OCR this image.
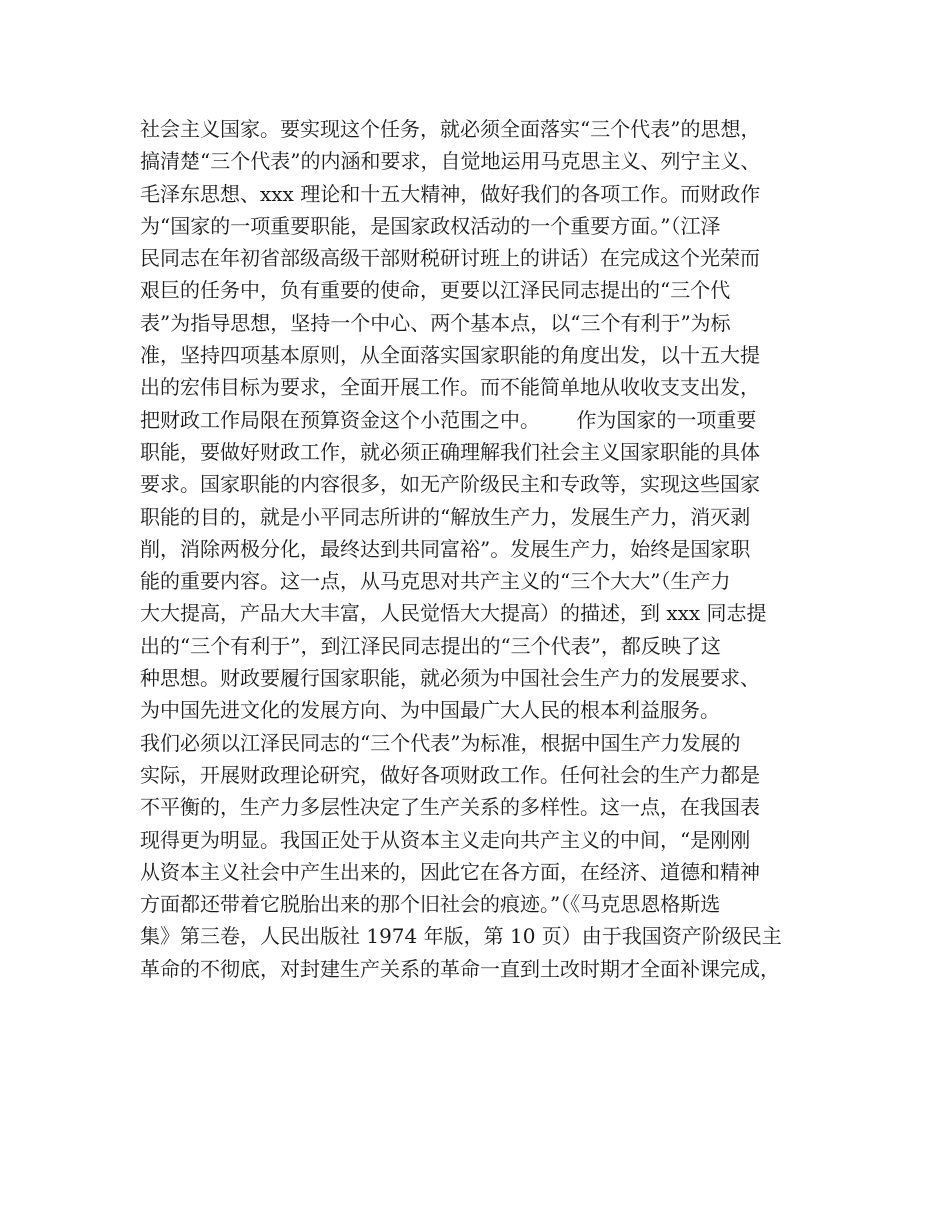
社会主义国家。要实现这个任务，就必须全面落实“三个代表”的思想，
搞清楚“三个代表”的内涵和要求，自觉地运用马克思主义、列宁主义、
毛泽东思想、xxx 理论和十五大精神，做好我们的各项工作。而财政作
为“国家的一项重要职能，是国家政权活动的一个重要方面。”（江泽
民同志在年初省部级高级干部财税研讨班上的讲话）在完成这个光荣而
艰巨的任务中，负有重要的使命，更要以江泽民同志提出的“三个代
表”为指导思想，坚持一个中心、两个基本点，以“三个有利于”为标
准，坚持四项基本原则，从全面落实国家职能的角度出发，以十五大提
出的宏伟目标为要求，全面开展工作。而不能简单地从收收支支出发，
把财政工作局限在预算资金这个小范围之中。　　 作为国家的一项重要
职能，要做好财政工作，就必须正确理解我们社会主义国家职能的具体
要求。国家职能的内容很多，如无产阶级民主和专政等，实现这些国家
职能的目的，就是小平同志所讲的“解放生产力，发展生产力，消灭剥
削，消除两极分化，最终达到共同富裕”。发展生产力，始终是国家职
能的重要内容。这一点，从马克思对共产主义的“三个大大”（生产力
大大提高，产品大大丰富，人民觉悟大大提高）的描述，到 xxx 同志提
出的“三个有利于”，到江泽民同志提出的“三个代表”，都反映了这
种思想。财政要履行国家职能，就必须为中国社会生产力的发展要求、
为中国先进文化的发展方向、为中国最广大人民的根本利益服务。
我们必须以江泽民同志的“三个代表”为标准，根据中国生产力发展的
实际，开展财政理论研究，做好各项财政工作。任何社会的生产力都是
不平衡的，生产力多层性决定了生产关系的多样性。这一点，在我国表
现得更为明显。我国正处于从资本主义走向共产主义的中间，“是刚刚
从资本主义社会中产生出来的，因此它在各方面，在经济、道德和精神
方面都还带着它脱胎出来的那个旧社会的痕迹。”（《马克思恩格斯选
集》第三卷，人民出版社 1974 年版，第 10 页）由于我国资产阶级民主
革命的不彻底，对封建生产关系的革命一直到土改时期才全面补课完成，
